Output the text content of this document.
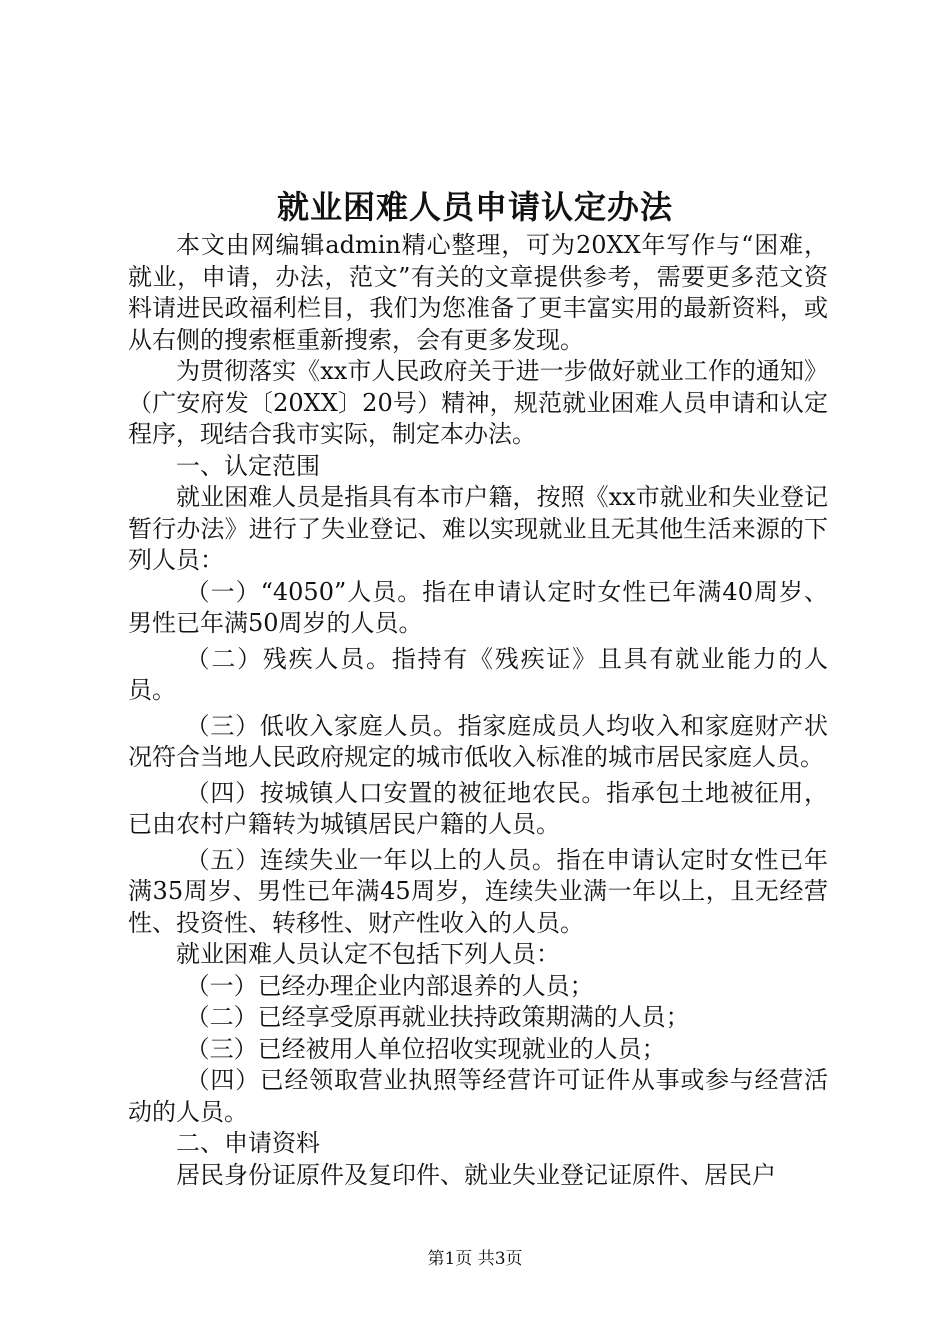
就业困难人员申请认定办法

本文由网编辑admin精心整理，可为20XX年写作与“困难，就业，申请，办法，范文”有关的文章提供参考，需要更多范文资料请进民政福利栏目，我们为您准备了更丰富实用的最新资料，或从右侧的搜索框重新搜索，会有更多发现。

为贯彻落实《xx市人民政府关于进一步做好就业工作的通知》（广安府发〔20XX〕20号）精神，规范就业困难人员申请和认定程序，现结合我市实际，制定本办法。

一、认定范围

就业困难人员是指具有本市户籍，按照《xx市就业和失业登记暂行办法》进行了失业登记、难以实现就业且无其他生活来源的下列人员：

（一）“4050”人员。指在申请认定时女性已年满40周岁、男性已年满50周岁的人员。

（二）残疾人员。指持有《残疾证》且具有就业能力的人员。

（三）低收入家庭人员。指家庭成员人均收入和家庭财产状况符合当地人民政府规定的城市低收入标准的城市居民家庭人员。

（四）按城镇人口安置的被征地农民。指承包土地被征用，已由农村户籍转为城镇居民户籍的人员。

（五）连续失业一年以上的人员。指在申请认定时女性已年满35周岁、男性已年满45周岁，连续失业满一年以上，且无经营性、投资性、转移性、财产性收入的人员。

就业困难人员认定不包括下列人员：

（一）已经办理企业内部退养的人员；

（二）已经享受原再就业扶持政策期满的人员；

（三）已经被用人单位招收实现就业的人员；

（四）已经领取营业执照等经营许可证件从事或参与经营活动的人员。

二、申请资料

居民身份证原件及复印件、就业失业登记证原件、居民户

第1页 共3页
